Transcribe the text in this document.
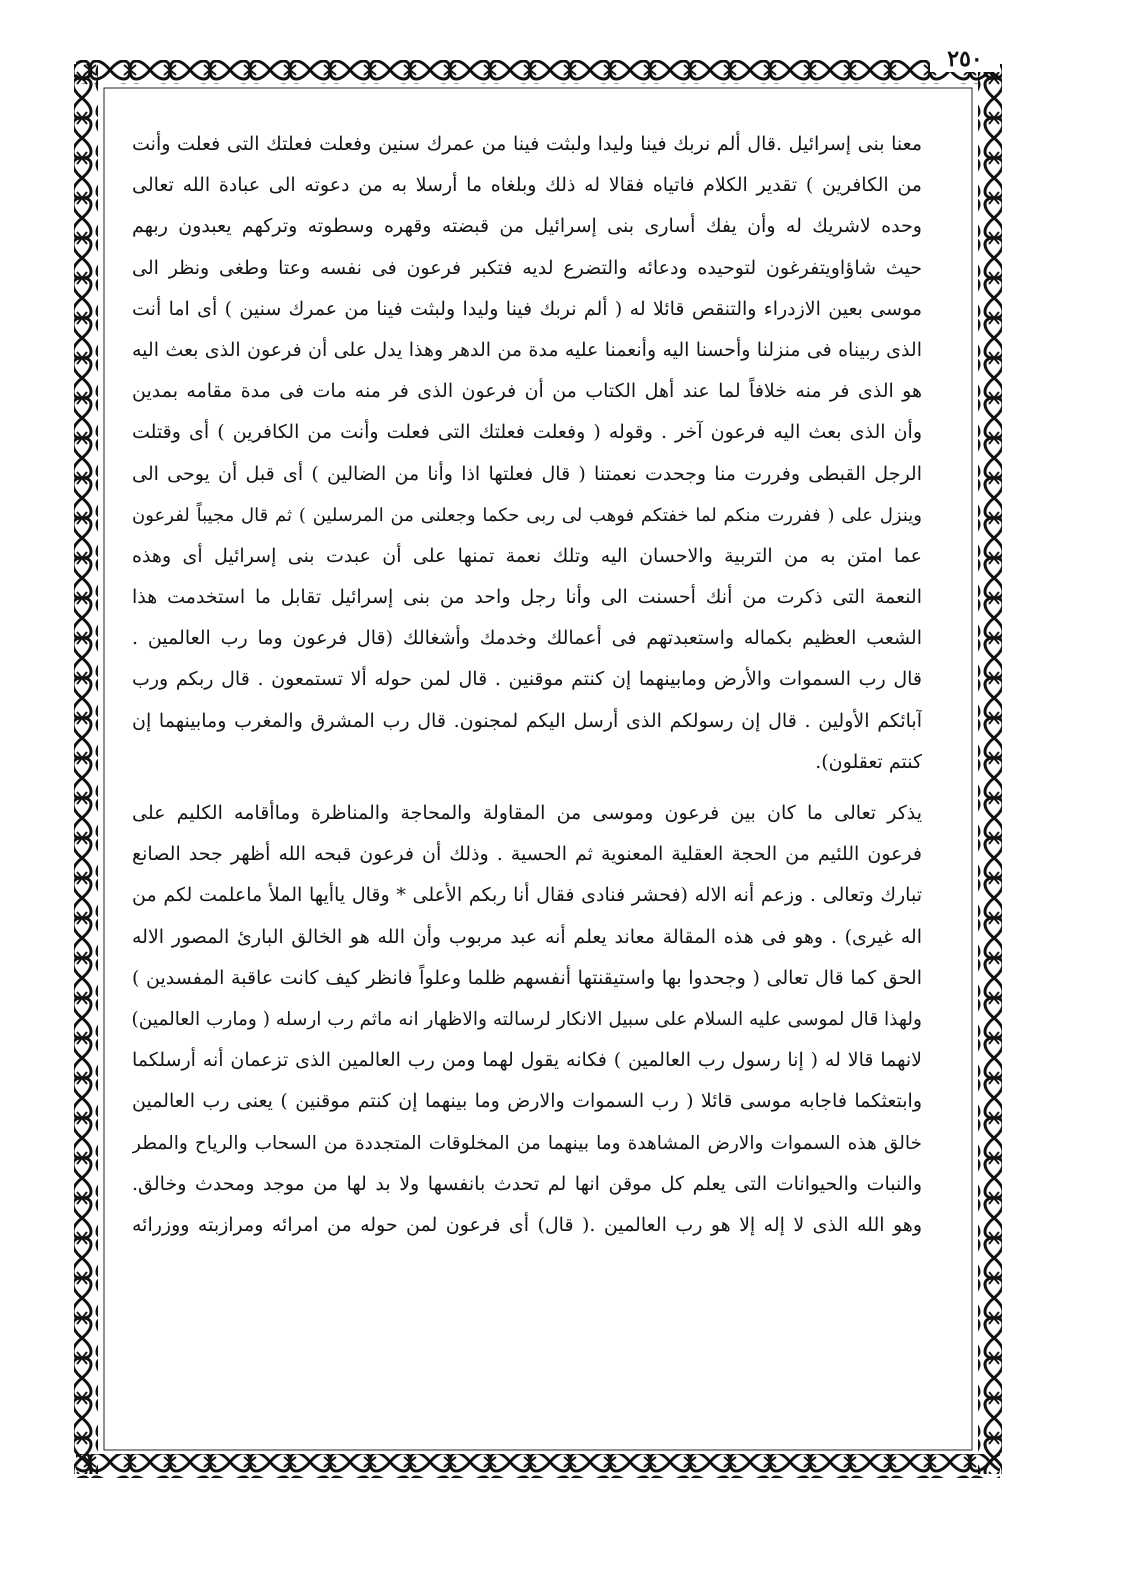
٢٥٠
معنا بنى إسرائيل .قال ألم نربك فينا وليدا ولبثت فينا من عمرك سنين وفعلت فعلتك التى فعلت وأنت
من الكافرين ) تقدير الكلام فاتياه فقالا له ذلك وبلغاه ما أرسلا به من دعوته الى عبادة الله تعالى
وحده لاشريك له وأن يفك أسارى بنى إسرائيل من قبضته وقهره وسطوته وتركهم يعبدون ربهم
حيث شاؤاويتفرغون لتوحيده ودعائه والتضرع لديه فتكبر فرعون فى نفسه وعتا وطغى ونظر الى
موسى بعين الازدراء والتنقص قائلا له ( ألم نربك فينا وليدا ولبثت فينا من عمرك سنين ) أى اما أنت
الذى ربيناه فى منزلنا وأحسنا اليه وأنعمنا عليه مدة من الدهر وهذا يدل على أن فرعون الذى بعث اليه
هو الذى فر منه خلافاً لما عند أهل الكتاب من أن فرعون الذى فر منه مات فى مدة مقامه بمدين
وأن الذى بعث اليه فرعون آخر . وقوله ( وفعلت فعلتك التى فعلت وأنت من الكافرين ) أى وقتلت
الرجل القبطى وفررت منا وجحدت نعمتنا ( قال فعلتها اذا وأنا من الضالين ) أى قبل أن يوحى الى
وينزل على ( ففررت منكم لما خفتكم فوهب لى ربى حكما وجعلنى من المرسلين ) ثم قال مجيباً لفرعون
عما امتن به من التربية والاحسان اليه وتلك نعمة تمنها على أن عبدت بنى إسرائيل أى وهذه
النعمة التى ذكرت من أنك أحسنت الى وأنا رجل واحد من بنى إسرائيل تقابل ما استخدمت هذا
الشعب العظيم بكماله واستعبدتهم فى أعمالك وخدمك وأشغالك (قال فرعون وما رب العالمين .
قال رب السموات والأرض ومابينهما إن كنتم موقنين . قال لمن حوله ألا تستمعون . قال ربكم ورب
آبائكم الأولين . قال إن رسولكم الذى أرسل اليكم لمجنون. قال رب المشرق والمغرب ومابينهما إن
كنتم تعقلون).
يذكر تعالى ما كان بين فرعون وموسى من المقاولة والمحاجة والمناظرة وماأقامه الكليم على
فرعون اللئيم من الحجة العقلية المعنوية ثم الحسية . وذلك أن فرعون قبحه الله أظهر جحد الصانع
تبارك وتعالى . وزعم أنه الاله (فحشر فنادى فقال أنا ربكم الأعلى * وقال ياأيها الملأ ماعلمت لكم من
اله غيرى) . وهو فى هذه المقالة معاند يعلم أنه عبد مربوب وأن الله هو الخالق البارئ المصور الاله
الحق كما قال تعالى ( وجحدوا بها واستيقنتها أنفسهم ظلما وعلواً فانظر كيف كانت عاقبة المفسدين )
ولهذا قال لموسى عليه السلام على سبيل الانكار لرسالته والاظهار انه ماثم رب ارسله ( ومارب العالمين)
لانهما قالا له ( إنا رسول رب العالمين ) فكانه يقول لهما ومن رب العالمين الذى تزعمان أنه أرسلكما
وابتعثكما فاجابه موسى قائلا ( رب السموات والارض وما بينهما إن كنتم موقنين ) يعنى رب العالمين
خالق هذه السموات والارض المشاهدة وما بينهما من المخلوقات المتجددة من السحاب والرياح والمطر
والنبات والحيوانات التى يعلم كل موقن انها لم تحدث بانفسها ولا بد لها من موجد ومحدث وخالق.
وهو الله الذى لا إله إلا هو رب العالمين .( قال) أى فرعون لمن حوله من امرائه ومرازبته ووزرائه
